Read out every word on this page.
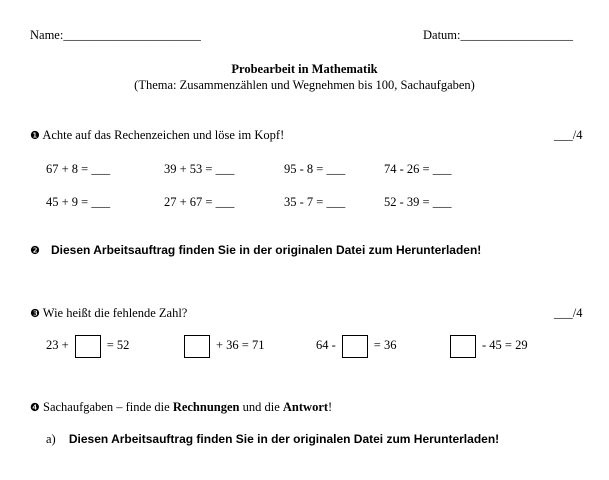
Name:______________________	Datum:__________________
Probearbeit in Mathematik
(Thema: Zusammenzählen und Wegnehmen bis 100, Sachaufgaben)
❶ Achte auf das Rechenzeichen und löse im Kopf!	___/4
67 + 8 = ___	39 + 53 = ___	95 - 8 = ___	74 - 26 = ___
45 + 9 = ___	27 + 67 = ___	35 - 7 = ___	52 - 39 = ___
❷ Diesen Arbeitsauftrag finden Sie in der originalen Datei zum Herunterladen!
❸ Wie heißt die fehlende Zahl?	___/4
23 +	= 52	+ 36 = 71	64 -	= 36	- 45 = 29
❹ Sachaufgaben – finde die Rechnungen und die Antwort!
a) Diesen Arbeitsauftrag finden Sie in der originalen Datei zum Herunterladen!
